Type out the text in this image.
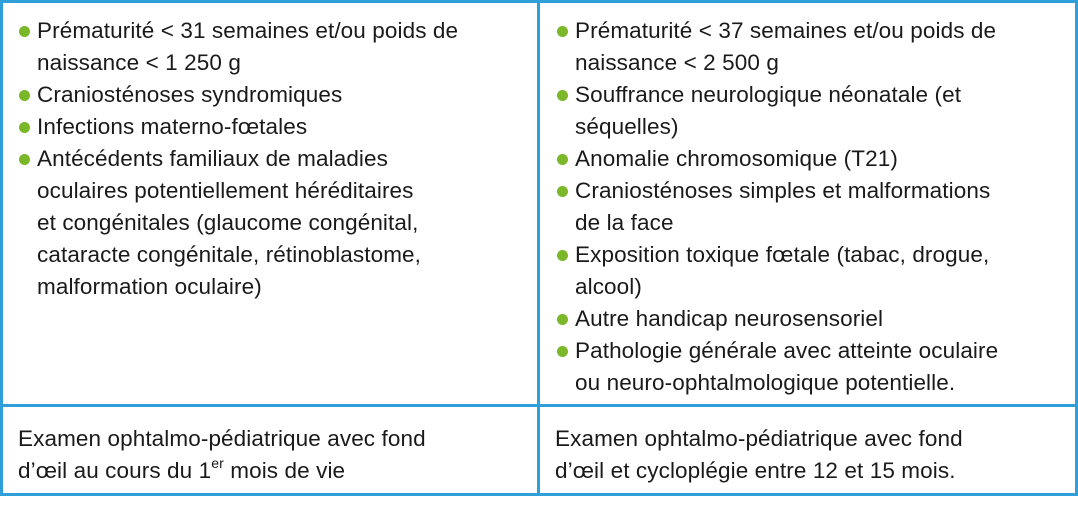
Prématurité < 31 semaines et/ou poids de
naissance < 1 250 g
Craniosténoses syndromiques
Infections materno-fœtales
Antécédents familiaux de maladies
oculaires potentiellement héréditaires
et congénitales (glaucome congénital,
cataracte congénitale, rétinoblastome,
malformation oculaire)
Prématurité < 37 semaines et/ou poids de
naissance < 2 500 g
Souffrance neurologique néonatale (et
séquelles)
Anomalie chromosomique (T21)
Craniosténoses simples et malformations
de la face
Exposition toxique fœtale (tabac, drogue,
alcool)
Autre handicap neurosensoriel
Pathologie générale avec atteinte oculaire
ou neuro-ophtalmologique potentielle.
Examen ophtalmo-pédiatrique avec fond
d’œil au cours du 1er mois de vie
Examen ophtalmo-pédiatrique avec fond
d’œil et cycloplégie entre 12 et 15 mois.
